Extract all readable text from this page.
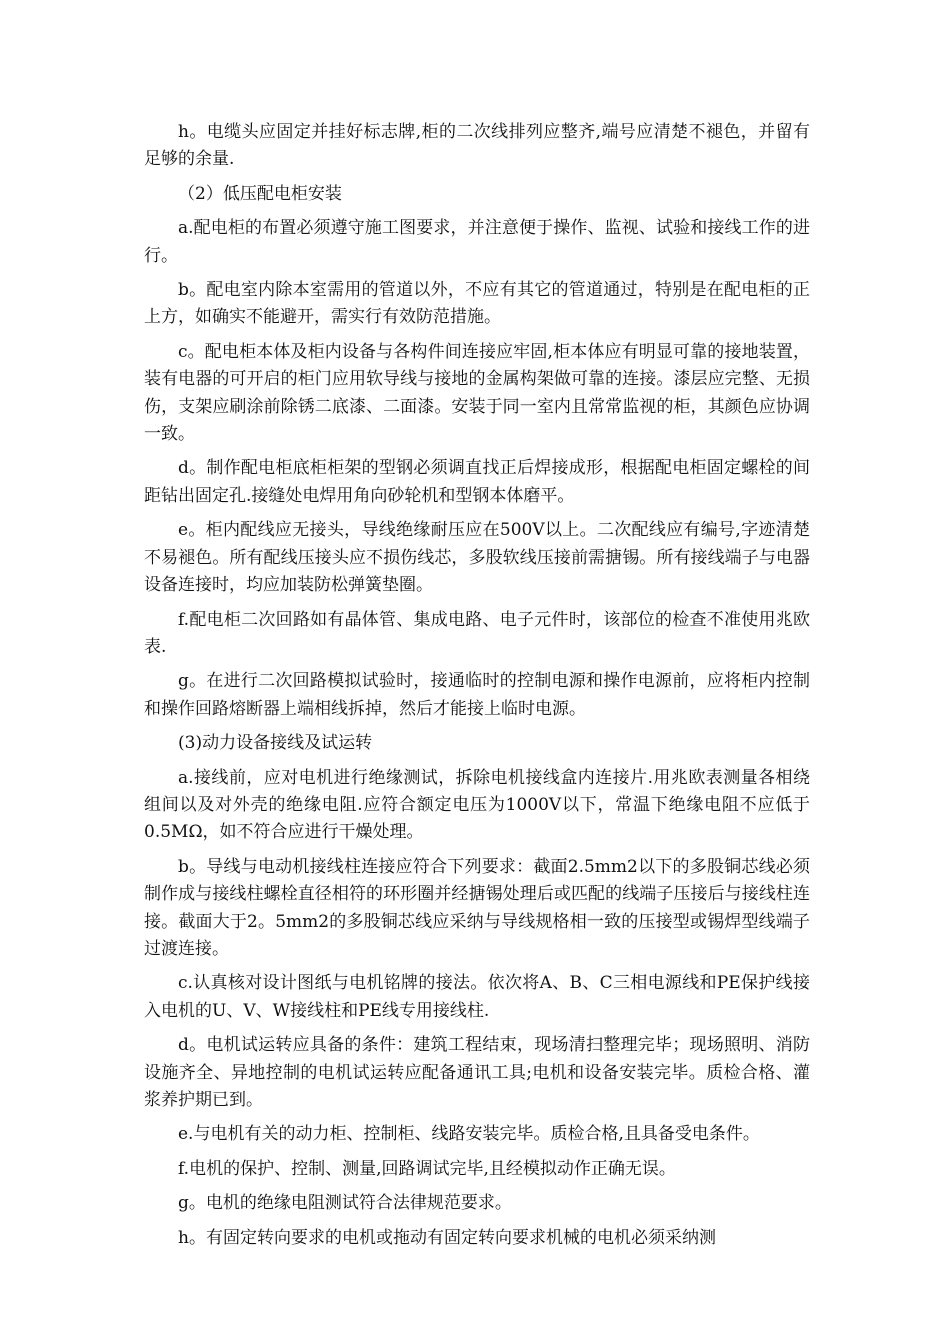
h。电缆头应固定并挂好标志牌,柜的二次线排列应整齐,端号应清楚不褪色，并留有足够的余量.

（2）低压配电柜安装

a.配电柜的布置必须遵守施工图要求，并注意便于操作、监视、试验和接线工作的进行。

b。配电室内除本室需用的管道以外，不应有其它的管道通过，特别是在配电柜的正上方，如确实不能避开，需实行有效防范措施。

c。配电柜本体及柜内设备与各构件间连接应牢固,柜本体应有明显可靠的接地装置，装有电器的可开启的柜门应用软导线与接地的金属构架做可靠的连接。漆层应完整、无损伤，支架应刷涂前除锈二底漆、二面漆。安装于同一室内且常常监视的柜，其颜色应协调一致。

d。制作配电柜底柜柜架的型钢必须调直找正后焊接成形，根据配电柜固定螺栓的间距钻出固定孔.接缝处电焊用角向砂轮机和型钢本体磨平。

e。柜内配线应无接头，导线绝缘耐压应在500V以上。二次配线应有编号,字迹清楚不易褪色。所有配线压接头应不损伤线芯，多股软线压接前需搪锡。所有接线端子与电器设备连接时，均应加装防松弹簧垫圈。

f.配电柜二次回路如有晶体管、集成电路、电子元件时，该部位的检查不准使用兆欧表.

g。在进行二次回路模拟试验时，接通临时的控制电源和操作电源前，应将柜内控制和操作回路熔断器上端相线拆掉，然后才能接上临时电源。

(3)动力设备接线及试运转

a.接线前，应对电机进行绝缘测试，拆除电机接线盒内连接片.用兆欧表测量各相绕组间以及对外壳的绝缘电阻.应符合额定电压为1000V以下，常温下绝缘电阻不应低于0.5MΩ，如不符合应进行干燥处理。

b。导线与电动机接线柱连接应符合下列要求：截面2.5mm2以下的多股铜芯线必须制作成与接线柱螺栓直径相符的环形圈并经搪锡处理后或匹配的线端子压接后与接线柱连接。截面大于2。5mm2的多股铜芯线应采纳与导线规格相一致的压接型或锡焊型线端子过渡连接。

c.认真核对设计图纸与电机铭牌的接法。依次将A、B、C三相电源线和PE保护线接入电机的U、V、W接线柱和PE线专用接线柱.

d。电机试运转应具备的条件：建筑工程结束，现场清扫整理完毕；现场照明、消防设施齐全、异地控制的电机试运转应配备通讯工具;电机和设备安装完毕。质检合格、灌浆养护期已到。

e.与电机有关的动力柜、控制柜、线路安装完毕。质检合格,且具备受电条件。

f.电机的保护、控制、测量,回路调试完毕,且经模拟动作正确无误。

g。电机的绝缘电阻测试符合法律规范要求。

h。有固定转向要求的电机或拖动有固定转向要求机械的电机必须采纳测
